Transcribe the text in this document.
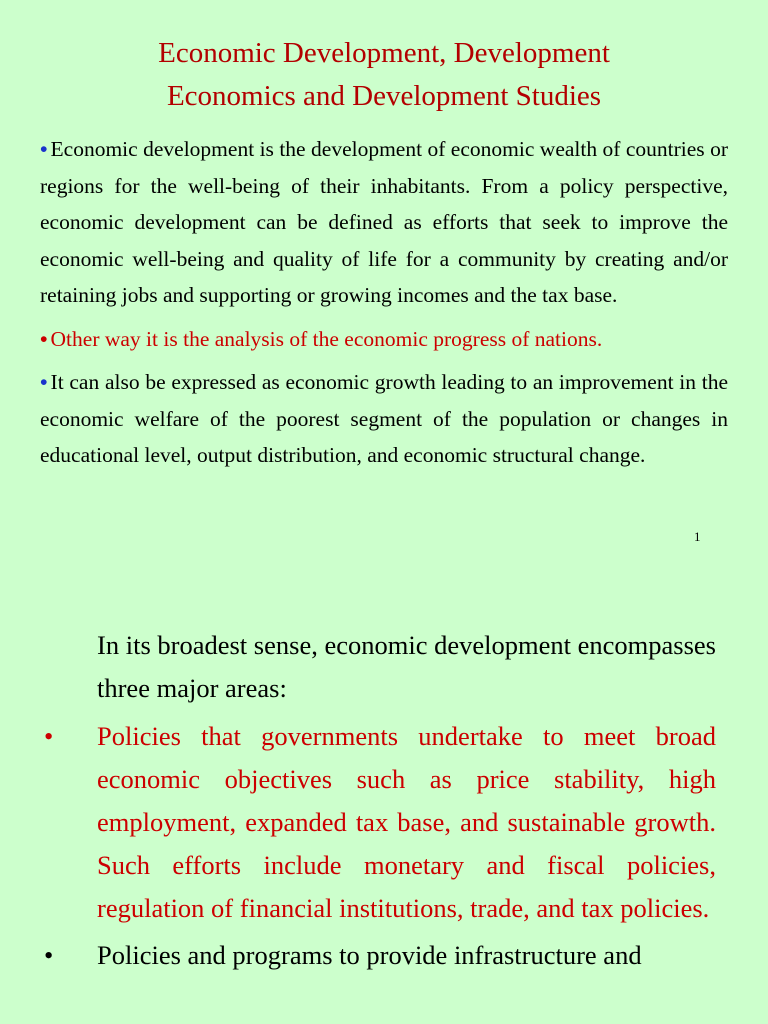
Economic Development, Development
Economics and Development Studies

• Economic development is the development of economic wealth of countries or regions for the well-being of their inhabitants. From a policy perspective, economic development can be defined as efforts that seek to improve the economic well-being and quality of life for a community by creating and/or retaining jobs and supporting or growing incomes and the tax base.

• Other way it is the analysis of the economic progress of nations.

• It can also be expressed as economic growth leading to an improvement in the economic welfare of the poorest segment of the population or changes in educational level, output distribution, and economic structural change.

1

In its broadest sense, economic development encompasses three major areas:

• Policies that governments undertake to meet broad economic objectives such as price stability, high employment, expanded tax base, and sustainable growth. Such efforts include monetary and fiscal policies, regulation of financial institutions, trade, and tax policies.
• Policies and programs to provide infrastructure and
